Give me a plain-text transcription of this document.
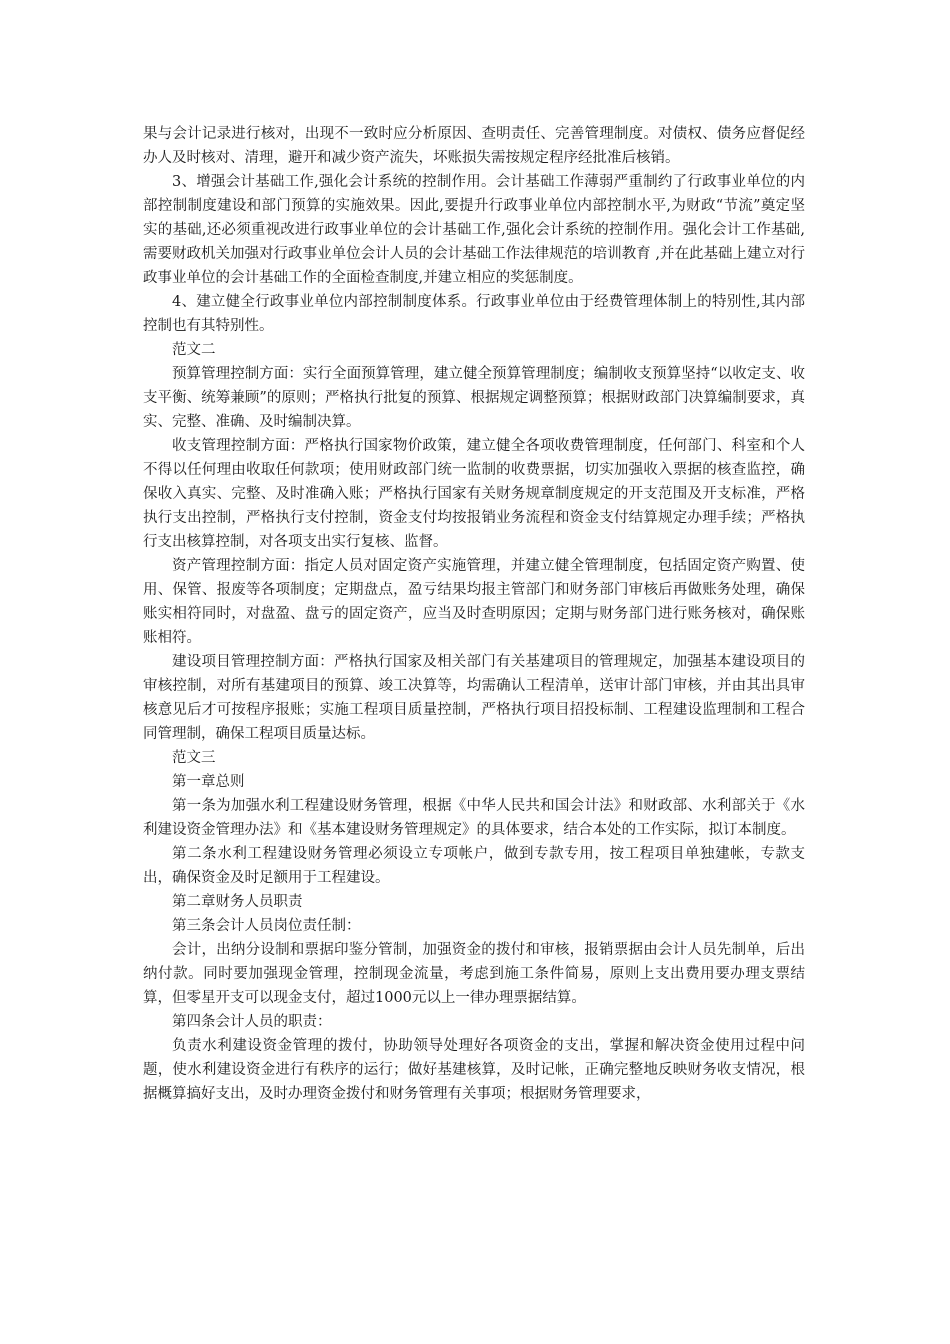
果与会计记录进行核对，出现不一致时应分析原因、查明责任、完善管理制度。对债权、债务应督促经办人及时核对、清理，避开和减少资产流失，坏账损失需按规定程序经批准后核销。

3、增强会计基础工作,强化会计系统的控制作用。会计基础工作薄弱严重制约了行政事业单位的内部控制制度建设和部门预算的实施效果。因此,要提升行政事业单位内部控制水平,为财政“节流”奠定坚实的基础,还必须重视改进行政事业单位的会计基础工作,强化会计系统的控制作用。强化会计工作基础,需要财政机关加强对行政事业单位会计人员的会计基础工作法律规范的培训教育 ,并在此基础上建立对行政事业单位的会计基础工作的全面检查制度,并建立相应的奖惩制度。

4、建立健全行政事业单位内部控制制度体系。行政事业单位由于经费管理体制上的特别性,其内部控制也有其特别性。

范文二

预算管理控制方面：实行全面预算管理，建立健全预算管理制度；编制收支预算坚持“以收定支、收支平衡、统筹兼顾”的原则；严格执行批复的预算、根据规定调整预算；根据财政部门决算编制要求，真实、完整、准确、及时编制决算。

收支管理控制方面：严格执行国家物价政策，建立健全各项收费管理制度，任何部门、科室和个人不得以任何理由收取任何款项；使用财政部门统一监制的收费票据，切实加强收入票据的核查监控，确保收入真实、完整、及时准确入账；严格执行国家有关财务规章制度规定的开支范围及开支标准，严格执行支出控制，严格执行支付控制，资金支付均按报销业务流程和资金支付结算规定办理手续；严格执行支出核算控制，对各项支出实行复核、监督。

资产管理控制方面：指定人员对固定资产实施管理，并建立健全管理制度，包括固定资产购置、使用、保管、报废等各项制度；定期盘点，盈亏结果均报主管部门和财务部门审核后再做账务处理，确保账实相符同时，对盘盈、盘亏的固定资产，应当及时查明原因；定期与财务部门进行账务核对，确保账账相符。

建设项目管理控制方面：严格执行国家及相关部门有关基建项目的管理规定，加强基本建设项目的审核控制，对所有基建项目的预算、竣工决算等，均需确认工程清单，送审计部门审核，并由其出具审核意见后才可按程序报账；实施工程项目质量控制，严格执行项目招投标制、工程建设监理制和工程合同管理制，确保工程项目质量达标。

范文三

第一章总则

第一条为加强水利工程建设财务管理，根据《中华人民共和国会计法》和财政部、水利部关于《水利建设资金管理办法》和《基本建设财务管理规定》的具体要求，结合本处的工作实际，拟订本制度。

第二条水利工程建设财务管理必须设立专项帐户，做到专款专用，按工程项目单独建帐，专款支出，确保资金及时足额用于工程建设。

第二章财务人员职责

第三条会计人员岗位责任制：

会计，出纳分设制和票据印鉴分管制，加强资金的拨付和审核，报销票据由会计人员先制单，后出纳付款。同时要加强现金管理，控制现金流量，考虑到施工条件简易，原则上支出费用要办理支票结算，但零星开支可以现金支付，超过1000元以上一律办理票据结算。

第四条会计人员的职责：

负责水利建设资金管理的拨付，协助领导处理好各项资金的支出，掌握和解决资金使用过程中问题，使水利建设资金进行有秩序的运行；做好基建核算，及时记帐，正确完整地反映财务收支情况，根据概算搞好支出，及时办理资金拨付和财务管理有关事项；根据财务管理要求，
